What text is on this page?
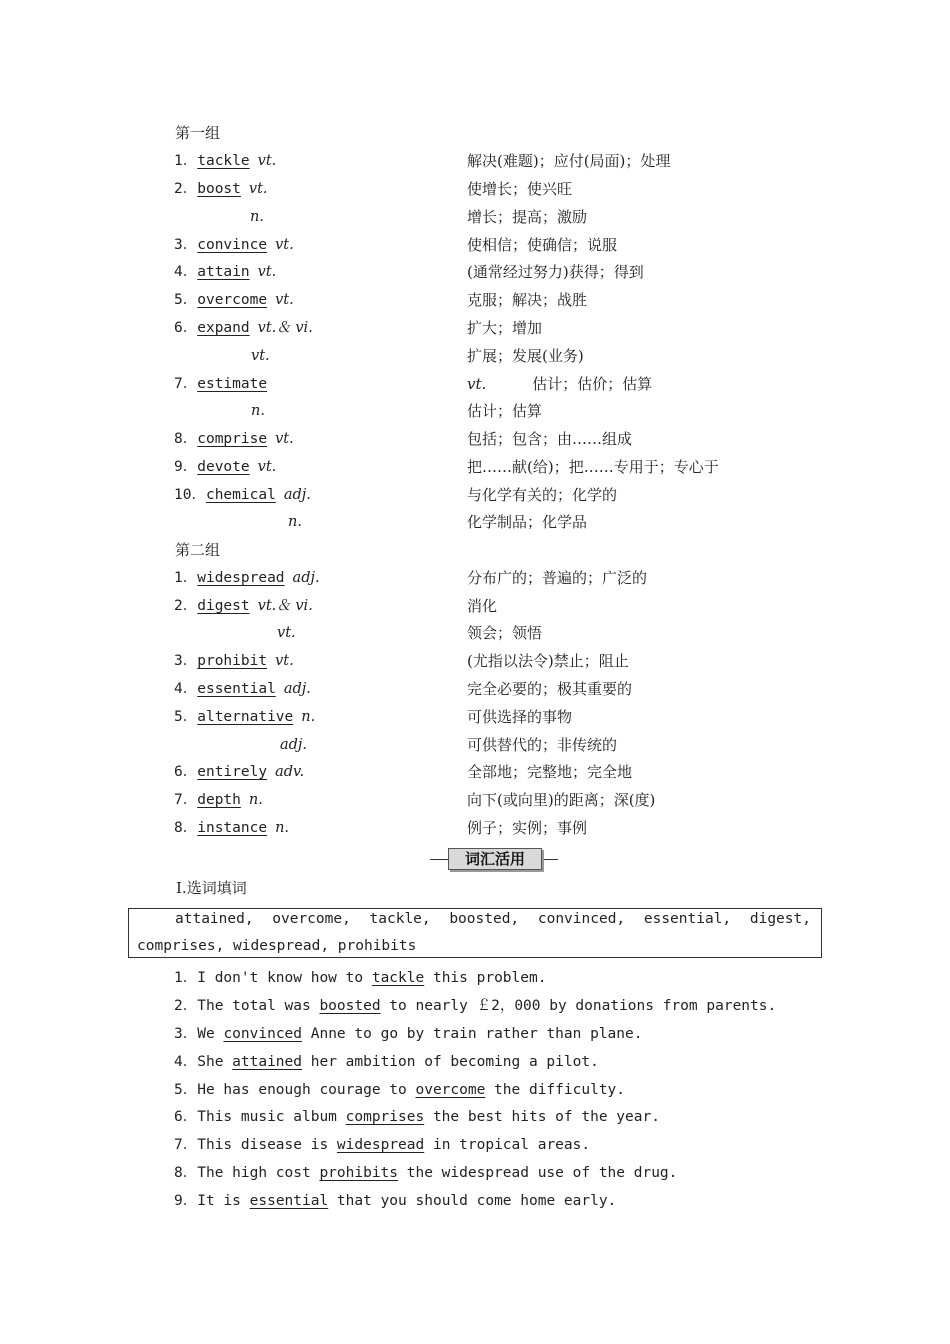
第一组
1．tackle vt.	解决(难题)；应付(局面)；处理
2．boost vt.	使增长；使兴旺
n.	增长；提高；激励
3．convince vt.	使相信；使确信；说服
4．attain vt.	(通常经过努力)获得；得到
5．overcome vt.	克服；解决；战胜
6．expand vt.＆ vi.	扩大；增加
vt.	扩展；发展(业务)
7．estimate	vt.	估计；估价；估算
n.	估计；估算
8．comprise vt.	包括；包含；由……组成
9．devote vt.	把……献(给)；把……专用于；专心于
10．chemical adj.	与化学有关的；化学的
n.	化学制品；化学品
第二组
1．widespread adj.	分布广的；普遍的；广泛的
2．digest vt.＆ vi.	消化
vt.	领会；领悟
3．prohibit vt.	(尤指以法令)禁止；阻止
4．essential adj.	完全必要的；极其重要的
5．alternative n.	可供选择的事物
adj.	可供替代的；非传统的
6．entirely adv.	全部地；完整地；完全地
7．depth n.	向下(或向里)的距离；深(度)
8．instance n.	例子；实例；事例
词汇活用
Ⅰ.选词填词
attained, overcome, tackle, boosted, convinced, essential, digest,
comprises, widespread, prohibits
1．I don't know how to tackle this problem.
2．The total was boosted to nearly ￡2，000 by donations from parents.
3．We convinced Anne to go by train rather than plane.
4．She attained her ambition of becoming a pilot.
5．He has enough courage to overcome the difficulty.
6．This music album comprises the best hits of the year.
7．This disease is widespread in tropical areas.
8．The high cost prohibits the widespread use of the drug.
9．It is essential that you should come home early.
